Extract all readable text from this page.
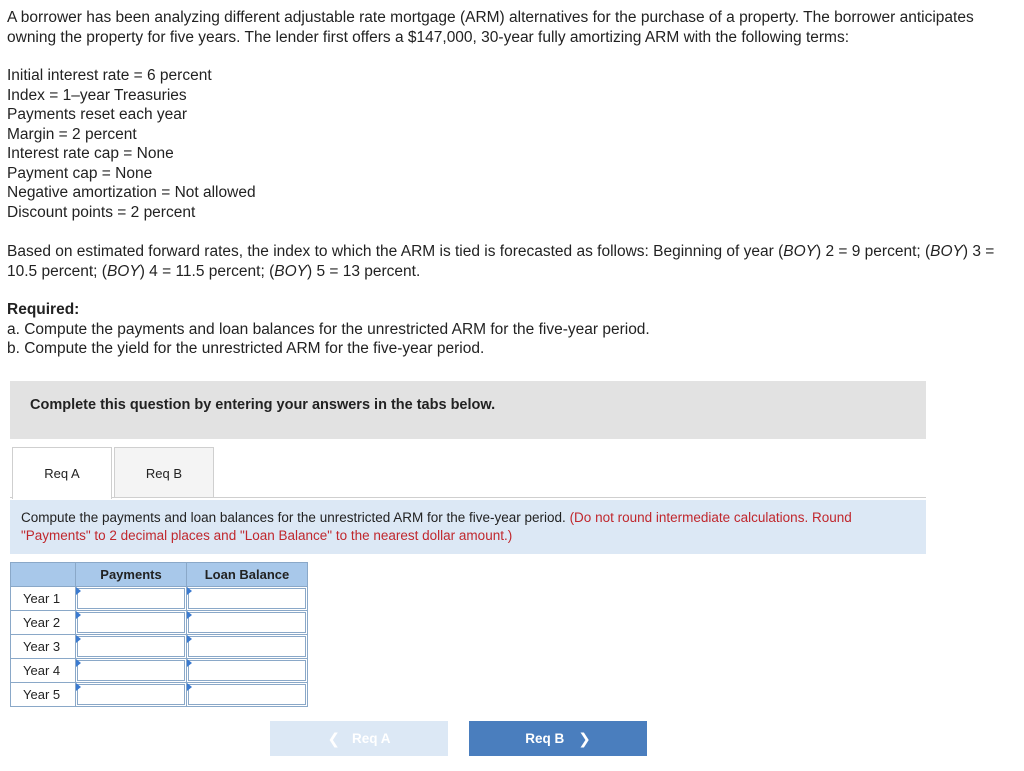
A borrower has been analyzing different adjustable rate mortgage (ARM) alternatives for the purchase of a property. The borrower anticipates owning the property for five years. The lender first offers a $147,000, 30-year fully amortizing ARM with the following terms:

Initial interest rate = 6 percent
Index = 1–year Treasuries
Payments reset each year
Margin = 2 percent
Interest rate cap = None
Payment cap = None
Negative amortization = Not allowed
Discount points = 2 percent
Based on estimated forward rates, the index to which the ARM is tied is forecasted as follows: Beginning of year (BOY) 2 = 9 percent; (BOY) 3 = 10.5 percent; (BOY) 4 = 11.5 percent; (BOY) 5 = 13 percent.
Required:
a. Compute the payments and loan balances for the unrestricted ARM for the five-year period.
b. Compute the yield for the unrestricted ARM for the five-year period.
Complete this question by entering your answers in the tabs below.
Req A	Req B
Compute the payments and loan balances for the unrestricted ARM for the five-year period. (Do not round intermediate calculations. Round "Payments" to 2 decimal places and "Loan Balance" to the nearest dollar amount.)
	Payments	Loan Balance
Year 1	

Year 2	

Year 3	

Year 4	

Year 5	

❮ Req A	Req B ❯
